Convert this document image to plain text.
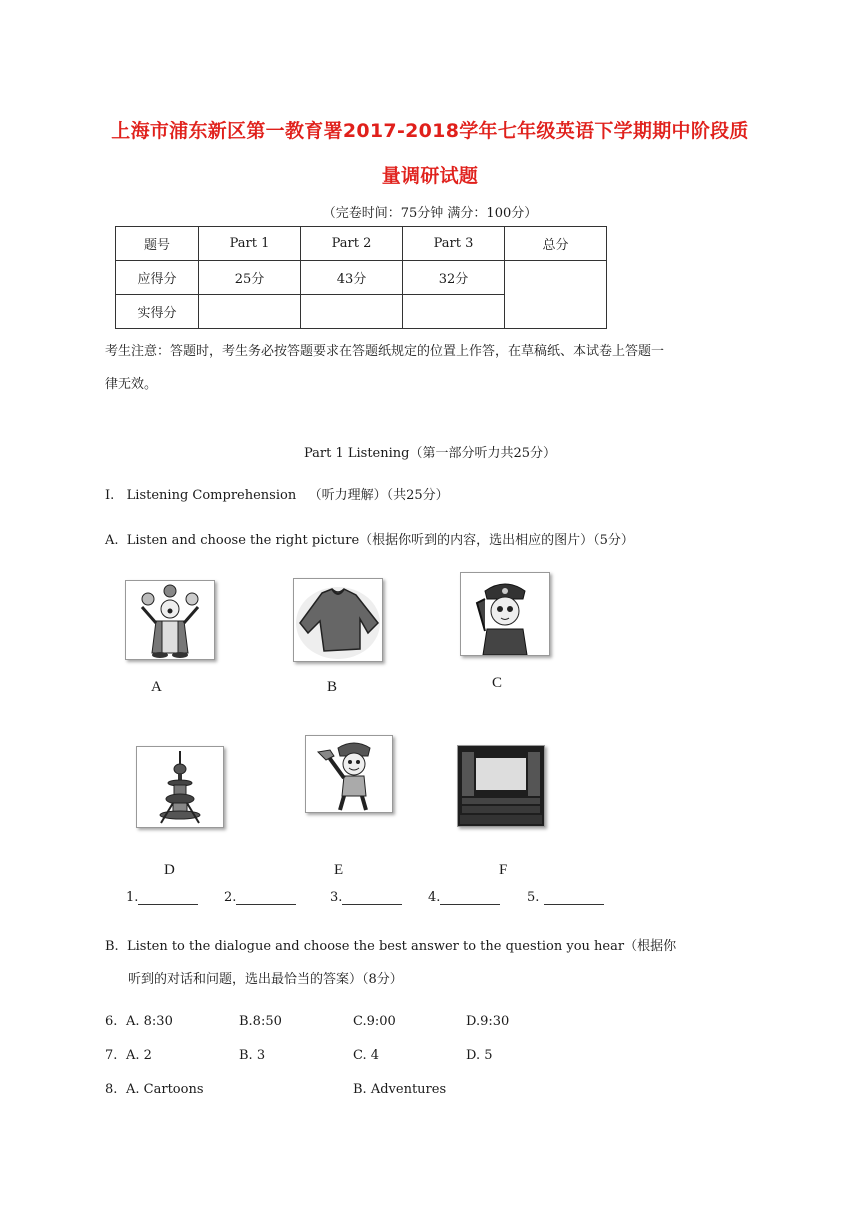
上海市浦东新区第一教育署2017-2018学年七年级英语下学期期中阶段质
量调研试题
（完卷时间：75分钟 满分：100分）
题号	Part 1	Part 2	Part 3	总分
应得分	25分	43分	32分	
实得分				
考生注意：答题时，考生务必按答题要求在答题纸规定的位置上作答，在草稿纸、本试卷上答题一
律无效。
Part 1 Listening（第一部分听力共25分）
I.   Listening Comprehension   （听力理解）（共25分）
A.  Listen and choose the right picture（根据你听到的内容，选出相应的图片）（5分）
A	B	C
D	E	F
1.	2.	3.	4.	5.
B.  Listen to the dialogue and choose the best answer to the question you hear（根据你
听到的对话和问题，选出最恰当的答案）（8分）
6. A. 8:30	B.8:50	C.9:00	D.9:30
7. A. 2	B. 3	C. 4	D. 5
8. A. Cartoons	B. Adventures
